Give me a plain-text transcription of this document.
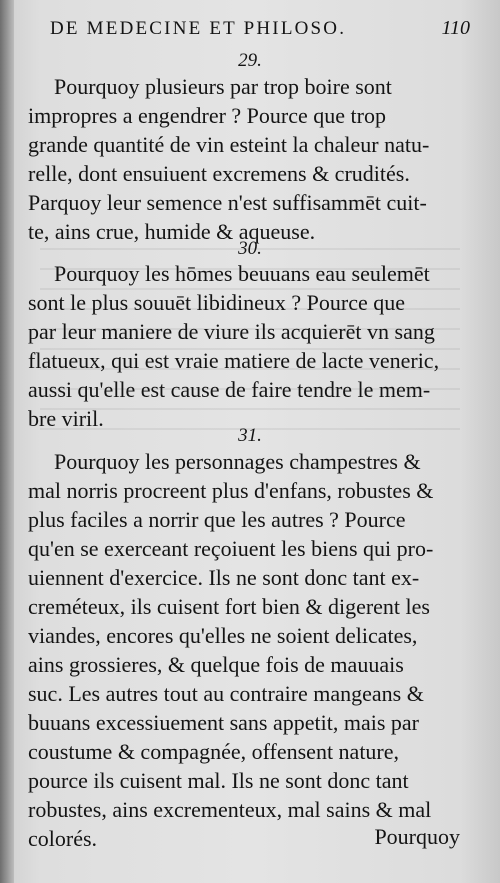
DE MEDECINE ET PHILOSO.	110
29.
Pourquoy plusieurs par trop boire sont
impropres a engendrer ? Pource que trop
grande quantité de vin esteint la chaleur natu-
relle, dont ensuiuent excremens & crudités.
Parquoy leur semence n'est suffisammēt cuit-
te, ains crue, humide & aqueuse.
30.
Pourquoy les hōmes beuuans eau seulemēt
sont le plus souuēt libidineux ? Pource que
par leur maniere de viure ils acquierēt vn sang
flatueux, qui est vraie matiere de lacte veneric,
aussi qu'elle est cause de faire tendre le mem-
bre viril.
31.
Pourquoy les personnages champestres &
mal norris procreent plus d'enfans, robustes &
plus faciles a norrir que les autres ? Pource
qu'en se exerceant reçoiuent les biens qui pro-
uiennent d'exercice. Ils ne sont donc tant ex-
creméteux, ils cuisent fort bien & digerent les
viandes, encores qu'elles ne soient delicates,
ains grossieres, & quelque fois de mauuais
suc. Les autres tout au contraire mangeans &
buuans excessiuement sans appetit, mais par
coustume & compagnée, offensent nature,
pource ils cuisent mal. Ils ne sont donc tant
robustes, ains excrementeux, mal sains & mal
colorés.	Pourquoy
